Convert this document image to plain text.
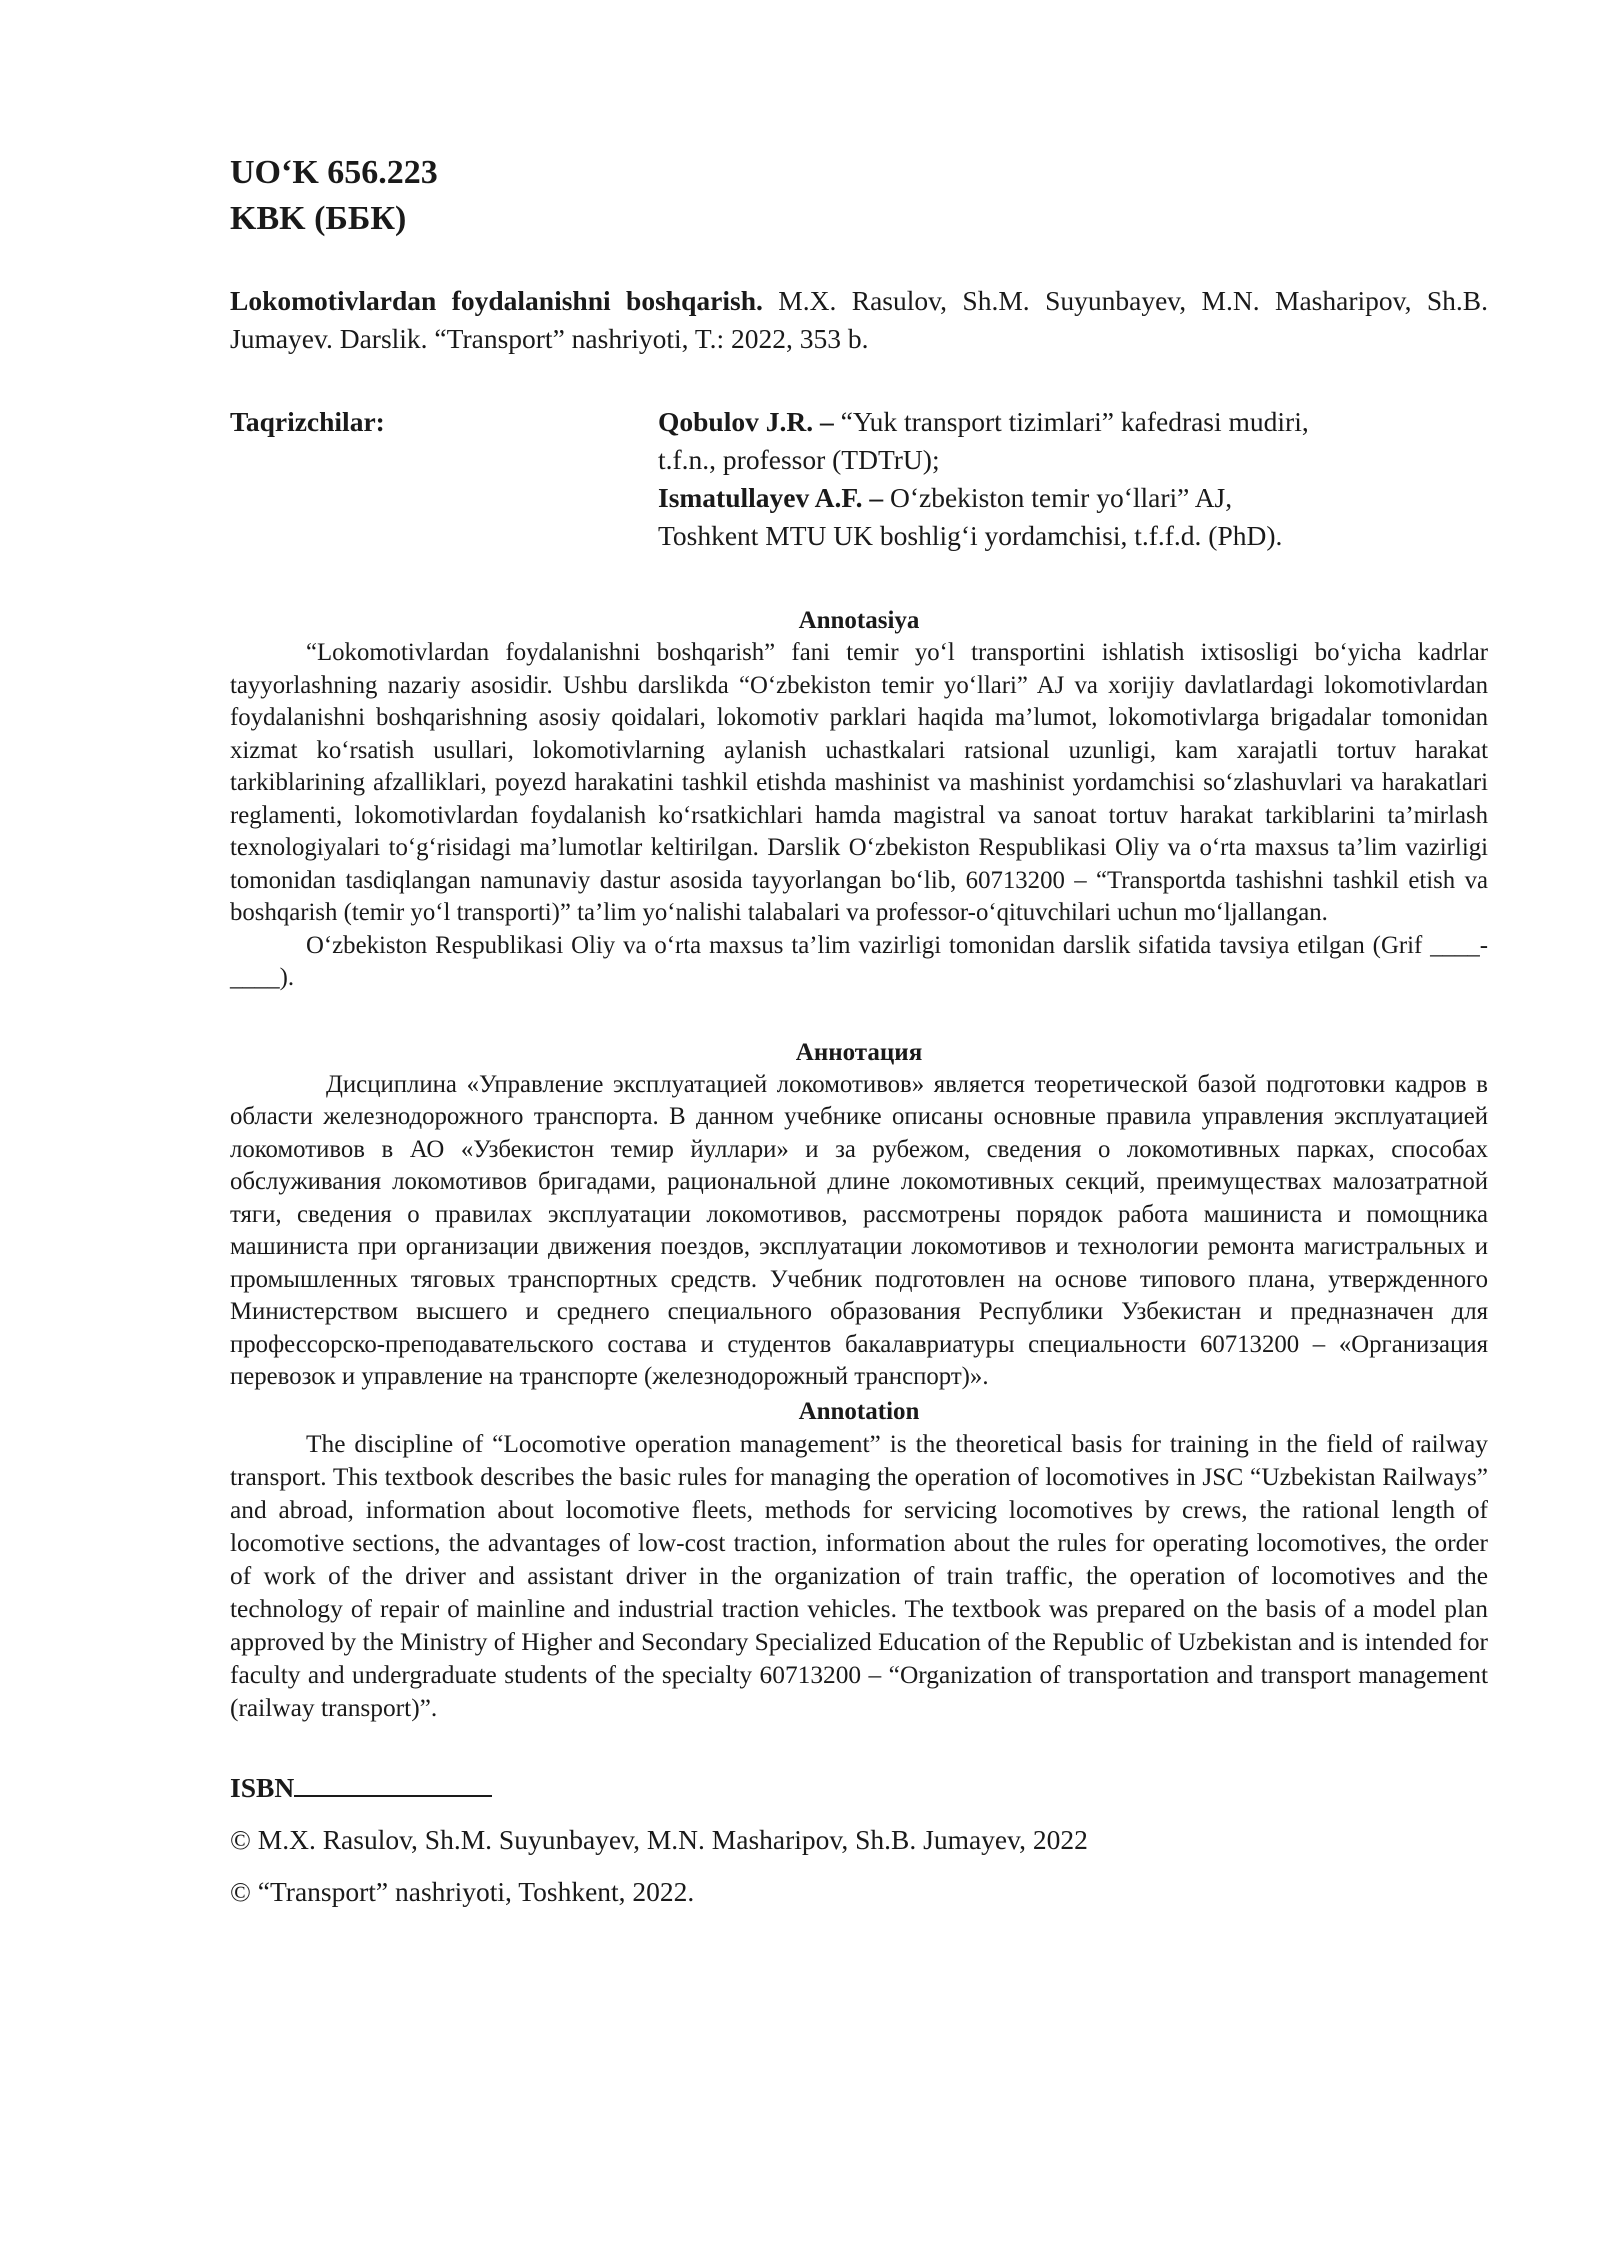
UO‘K 656.223

KBK (ББК)

Lokomotivlardan foydalanishni boshqarish. M.X. Rasulov, Sh.M. Suyunbayev, M.N. Masharipov, Sh.B. Jumayev. Darslik. “Transport” nashriyoti, T.: 2022, 353 b.

Taqrizchilar:	Qobulov J.R. – “Yuk transport tizimlari” kafedrasi mudiri,

t.f.n., professor (TDTrU);

Ismatullayev A.F. – O‘zbekiston temir yo‘llari” AJ,

Toshkent MTU UK boshlig‘i yordamchisi, t.f.f.d. (PhD).

Annotasiya

“Lokomotivlardan foydalanishni boshqarish” fani temir yo‘l transportini ishlatish ixtisosligi bo‘yicha kadrlar tayyorlashning nazariy asosidir. Ushbu darslikda “O‘zbekiston temir yo‘llari” AJ va xorijiy davlatlardagi lokomotivlardan foydalanishni boshqarishning asosiy qoidalari, lokomotiv parklari haqida ma’lumot, lokomotivlarga brigadalar tomonidan xizmat ko‘rsatish usullari, lokomotivlarning aylanish uchastkalari ratsional uzunligi, kam xarajatli tortuv harakat tarkiblarining afzalliklari, poyezd harakatini tashkil etishda mashinist va mashinist yordamchisi so‘zlashuvlari va harakatlari reglamenti, lokomotivlardan foydalanish ko‘rsatkichlari hamda magistral va sanoat tortuv harakat tarkiblarini ta’mirlash texnologiyalari to‘g‘risidagi ma’lumotlar keltirilgan. Darslik O‘zbekiston Respublikasi Oliy va o‘rta maxsus ta’lim vazirligi tomonidan tasdiqlangan namunaviy dastur asosida tayyorlangan bo‘lib, 60713200 – “Transportda tashishni tashkil etish va boshqarish (temir yo‘l transporti)” ta’lim yo‘nalishi talabalari va professor-o‘qituvchilari uchun mo‘ljallangan.

O‘zbekiston Respublikasi Oliy va o‘rta maxsus ta’lim vazirligi tomonidan darslik sifatida tavsiya etilgan (Grif ____-____).

Аннотация

Дисциплина «Управление эксплуатацией локомотивов» является теоретической базой подготовки кадров в области железнодорожного транспорта. В данном учебнике описаны основные правила управления эксплуатацией локомотивов в АО «Узбекистон темир йуллари» и за рубежом, сведения о локомотивных парках, способах обслуживания локомотивов бригадами, рациональной длине локомотивных секций, преимуществах малозатратной тяги, сведения о правилах эксплуатации локомотивов, рассмотрены порядок работа машиниста и помощника машиниста при организации движения поездов, эксплуатации локомотивов и технологии ремонта магистральных и промышленных тяговых транспортных средств. Учебник подготовлен на основе типового плана, утвержденного Министерством высшего и среднего специального образования Республики Узбекистан и предназначен для профессорско-преподавательского состава и студентов бакалавриатуры специальности 60713200 – «Организация перевозок и управление на транспорте (железнодорожный транспорт)».

Annotation

The discipline of “Locomotive operation management” is the theoretical basis for training in the field of railway transport. This textbook describes the basic rules for managing the operation of locomotives in JSC “Uzbekistan Railways” and abroad, information about locomotive fleets, methods for servicing locomotives by crews, the rational length of locomotive sections, the advantages of low-cost traction, information about the rules for operating locomotives, the order of work of the driver and assistant driver in the organization of train traffic, the operation of locomotives and the technology of repair of mainline and industrial traction vehicles. The textbook was prepared on the basis of a model plan approved by the Ministry of Higher and Secondary Specialized Education of the Republic of Uzbekistan and is intended for faculty and undergraduate students of the specialty 60713200 – “Organization of transportation and transport management (railway transport)”.

ISBN
© M.X. Rasulov, Sh.M. Suyunbayev, M.N. Masharipov, Sh.B. Jumayev, 2022
© “Transport” nashriyoti, Toshkent, 2022.
